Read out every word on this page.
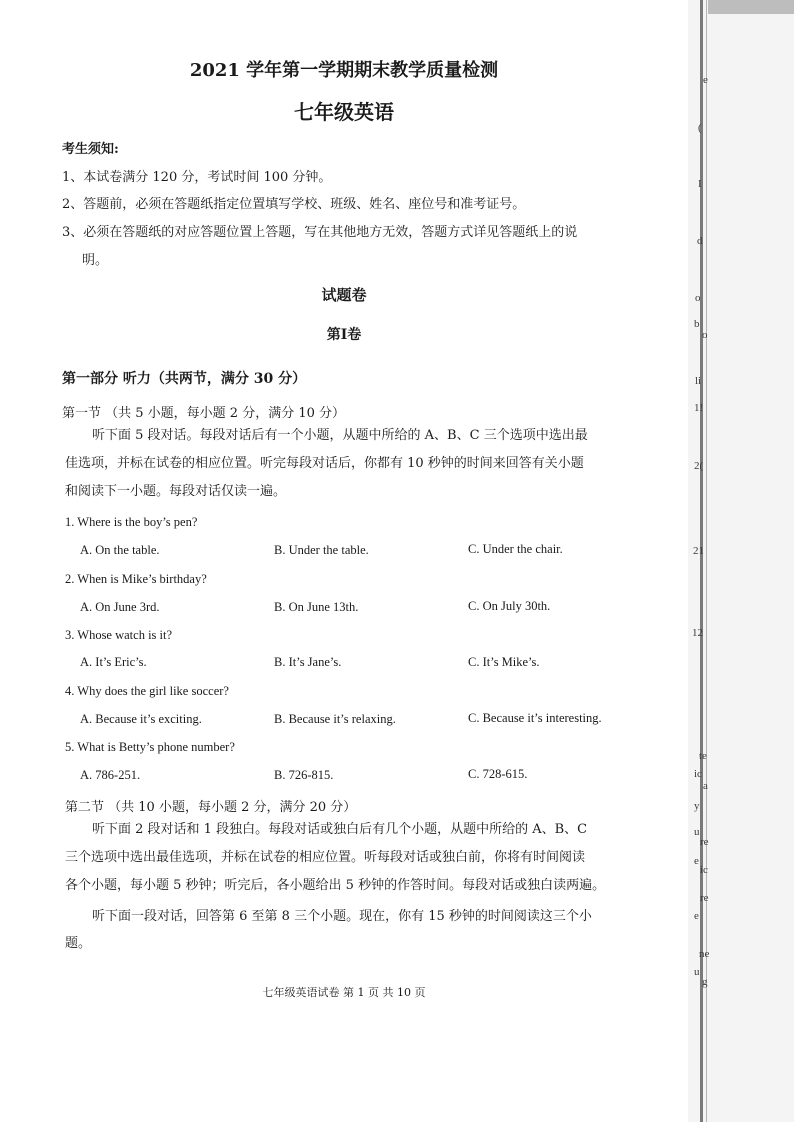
e
(
I
d
o
b
o
li
1!
2(
21
12
te
ic
a
y
u
re
e
ic
re
e
ne
u
g
2021 学年第一学期期末教学质量检测
七年级英语
考生须知:
1、本试卷满分 120 分，考试时间 100 分钟。
2、答题前，必须在答题纸指定位置填写学校、班级、姓名、座位号和准考证号。
3、必须在答题纸的对应答题位置上答题，写在其他地方无效，答题方式详见答题纸上的说
明。
试题卷
第Ⅰ卷
第一部分 听力（共两节，满分 30 分）
第一节 （共 5 小题，每小题 2 分，满分 10 分）
听下面 5 段对话。每段对话后有一个小题，从题中所给的 A、B、C 三个选项中选出最
佳选项，并标在试卷的相应位置。听完每段对话后，你都有 10 秒钟的时间来回答有关小题
和阅读下一小题。每段对话仅读一遍。
1. Where is the boy’s pen?
A. On the table.	B. Under the table.	C. Under the chair.
2. When is Mike’s birthday?
A. On June 3rd.	B. On June 13th.	C. On July 30th.
3. Whose watch is it?
A. It’s Eric’s.	B. It’s Jane’s.	C. It’s Mike’s.
4. Why does the girl like soccer?
A. Because it’s exciting.	B. Because it’s relaxing.	C. Because it’s interesting.
5. What is Betty’s phone number?
A. 786-251.	B. 726-815.	C. 728-615.
第二节 （共 10 小题，每小题 2 分，满分 20 分）
听下面 2 段对话和 1 段独白。每段对话或独白后有几个小题，从题中所给的 A、B、C
三个选项中选出最佳选项，并标在试卷的相应位置。听每段对话或独白前，你将有时间阅读
各个小题，每小题 5 秒钟；听完后，各小题给出 5 秒钟的作答时间。每段对话或独白读两遍。
听下面一段对话，回答第 6 至第 8 三个小题。现在，你有 15 秒钟的时间阅读这三个小
题。
七年级英语试卷 第 1 页 共 10 页
